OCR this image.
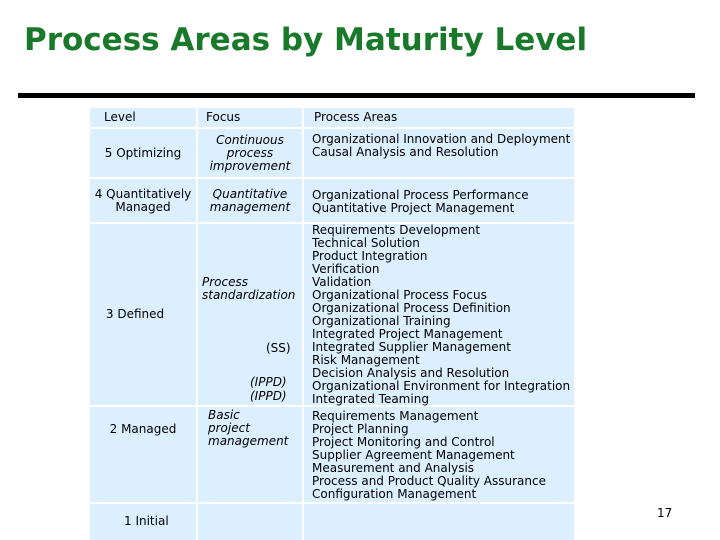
Process Areas by Maturity Level
Level	Focus	Process Areas
5 Optimizing
Continuous
process
improvement
Organizational Innovation and Deployment
Causal Analysis and Resolution
4 Quantitatively
Managed
Quantitative
management
Organizational Process Performance
Quantitative Project Management
3 Defined
Process
standardization
(SS)
(IPPD)
(IPPD)
Requirements Development
Technical Solution
Product Integration
Verification
Validation
Organizational Process Focus
Organizational Process Definition
Organizational Training
Integrated Project Management
Integrated Supplier Management
Risk Management
Decision Analysis and Resolution
Organizational Environment for Integration
Integrated Teaming
2 Managed
Basic
project
management
Requirements Management
Project Planning
Project Monitoring and Control
Supplier Agreement Management
Measurement and Analysis
Process and Product Quality Assurance
Configuration Management
1 Initial
17
